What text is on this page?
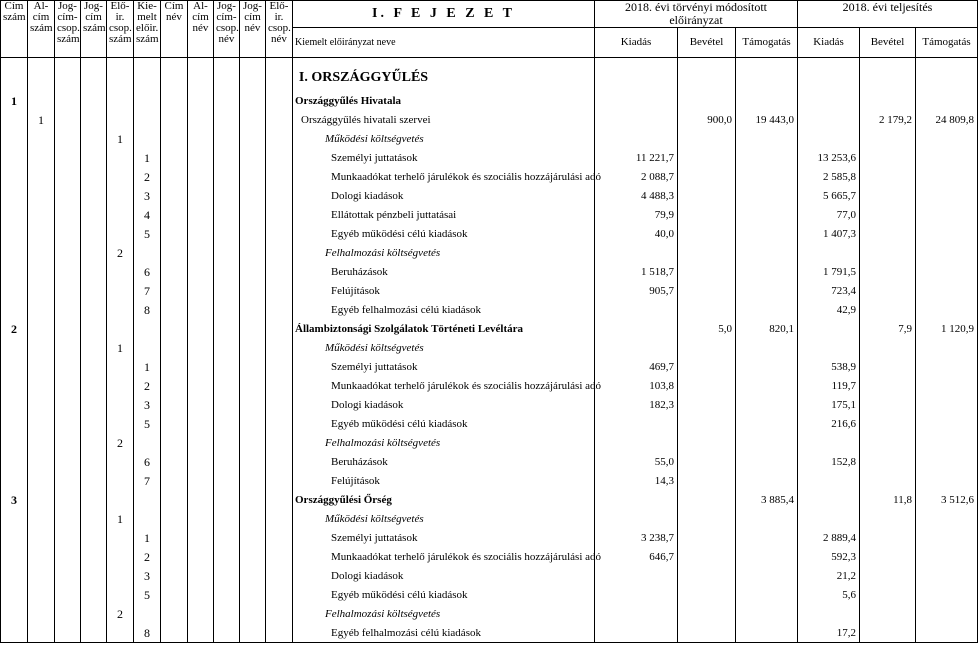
Cím szám	Al-cím szám	Jog-cím-csop. szám	Jog-cím szám	Elő-ir. csop. szám	Kie-melt előir. szám	Cím név	Al-cím név	Jog-cím-csop. név	Jog-cím név	Elő-ir. csop. név	I. F E J E Z E T	2018. évi törvényi módosított előirányzat			2018. évi teljesítés		
											Kiemelt előirányzat neve	Kiadás	Bevétel	Támogatás	Kiadás	Bevétel	Támogatás

											I. ORSZÁGGYŰLÉS						

1											Országgyűlés Hivatala						
	1										Országgyűlés hivatali szervei		900,0	19 443,0		2 179,2	24 809,8
				1							Működési költségvetés						
					1						Személyi juttatások	11 221,7			13 253,6		
					2						Munkaadókat terhelő járulékok és szociális hozzájárulási adó	2 088,7			2 585,8		
					3						Dologi kiadások	4 488,3			5 665,7		
					4						Ellátottak pénzbeli juttatásai	79,9			77,0		
					5						Egyéb működési célú kiadások	40,0			1 407,3		
				2							Felhalmozási költségvetés						
					6						Beruházások	1 518,7			1 791,5		
					7						Felújítások	905,7			723,4		
					8						Egyéb felhalmozási célú kiadások				42,9		
2											Állambiztonsági Szolgálatok Történeti Levéltára		5,0	820,1		7,9	1 120,9
				1							Működési költségvetés						
					1						Személyi juttatások	469,7			538,9		
					2						Munkaadókat terhelő járulékok és szociális hozzájárulási adó	103,8			119,7		
					3						Dologi kiadások	182,3			175,1		
					5						Egyéb működési célú kiadások				216,6		
				2							Felhalmozási költségvetés						
					6						Beruházások	55,0			152,8		
					7						Felújítások	14,3					
3											Országgyűlési Őrség			3 885,4		11,8	3 512,6
				1							Működési költségvetés						
					1						Személyi juttatások	3 238,7			2 889,4		
					2						Munkaadókat terhelő járulékok és szociális hozzájárulási adó	646,7			592,3		
					3						Dologi kiadások				21,2		
					5						Egyéb működési célú kiadások				5,6		
				2							Felhalmozási költségvetés						
					8						Egyéb felhalmozási célú kiadások				17,2		
